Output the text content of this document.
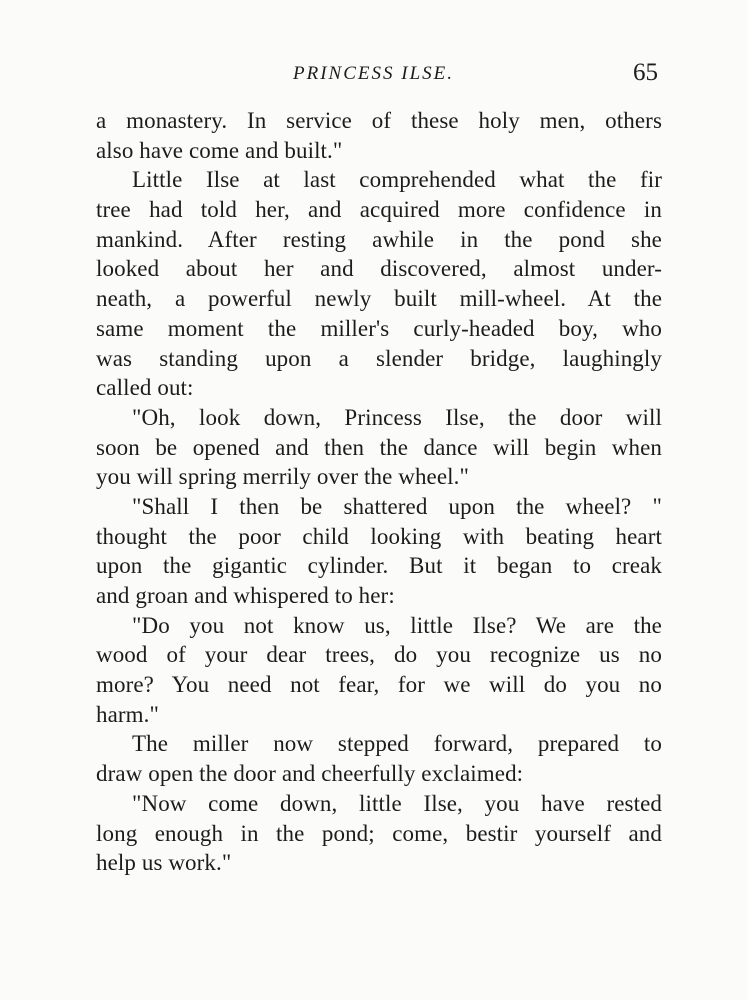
PRINCESS ILSE.	65
a monastery. In service of these holy men, others
also have come and built."
Little Ilse at last comprehended what the fir
tree had told her, and acquired more confidence in
mankind. After resting awhile in the pond she
looked about her and discovered, almost under-
neath, a powerful newly built mill-wheel. At the
same moment the miller's curly-headed boy, who
was standing upon a slender bridge, laughingly
called out:
"Oh, look down, Princess Ilse, the door will
soon be opened and then the dance will begin when
you will spring merrily over the wheel."
"Shall I then be shattered upon the wheel? "
thought the poor child looking with beating heart
upon the gigantic cylinder. But it began to creak
and groan and whispered to her:
"Do you not know us, little Ilse? We are the
wood of your dear trees, do you recognize us no
more? You need not fear, for we will do you no
harm."
The miller now stepped forward, prepared to
draw open the door and cheerfully exclaimed:
"Now come down, little Ilse, you have rested
long enough in the pond; come, bestir yourself and
help us work."
